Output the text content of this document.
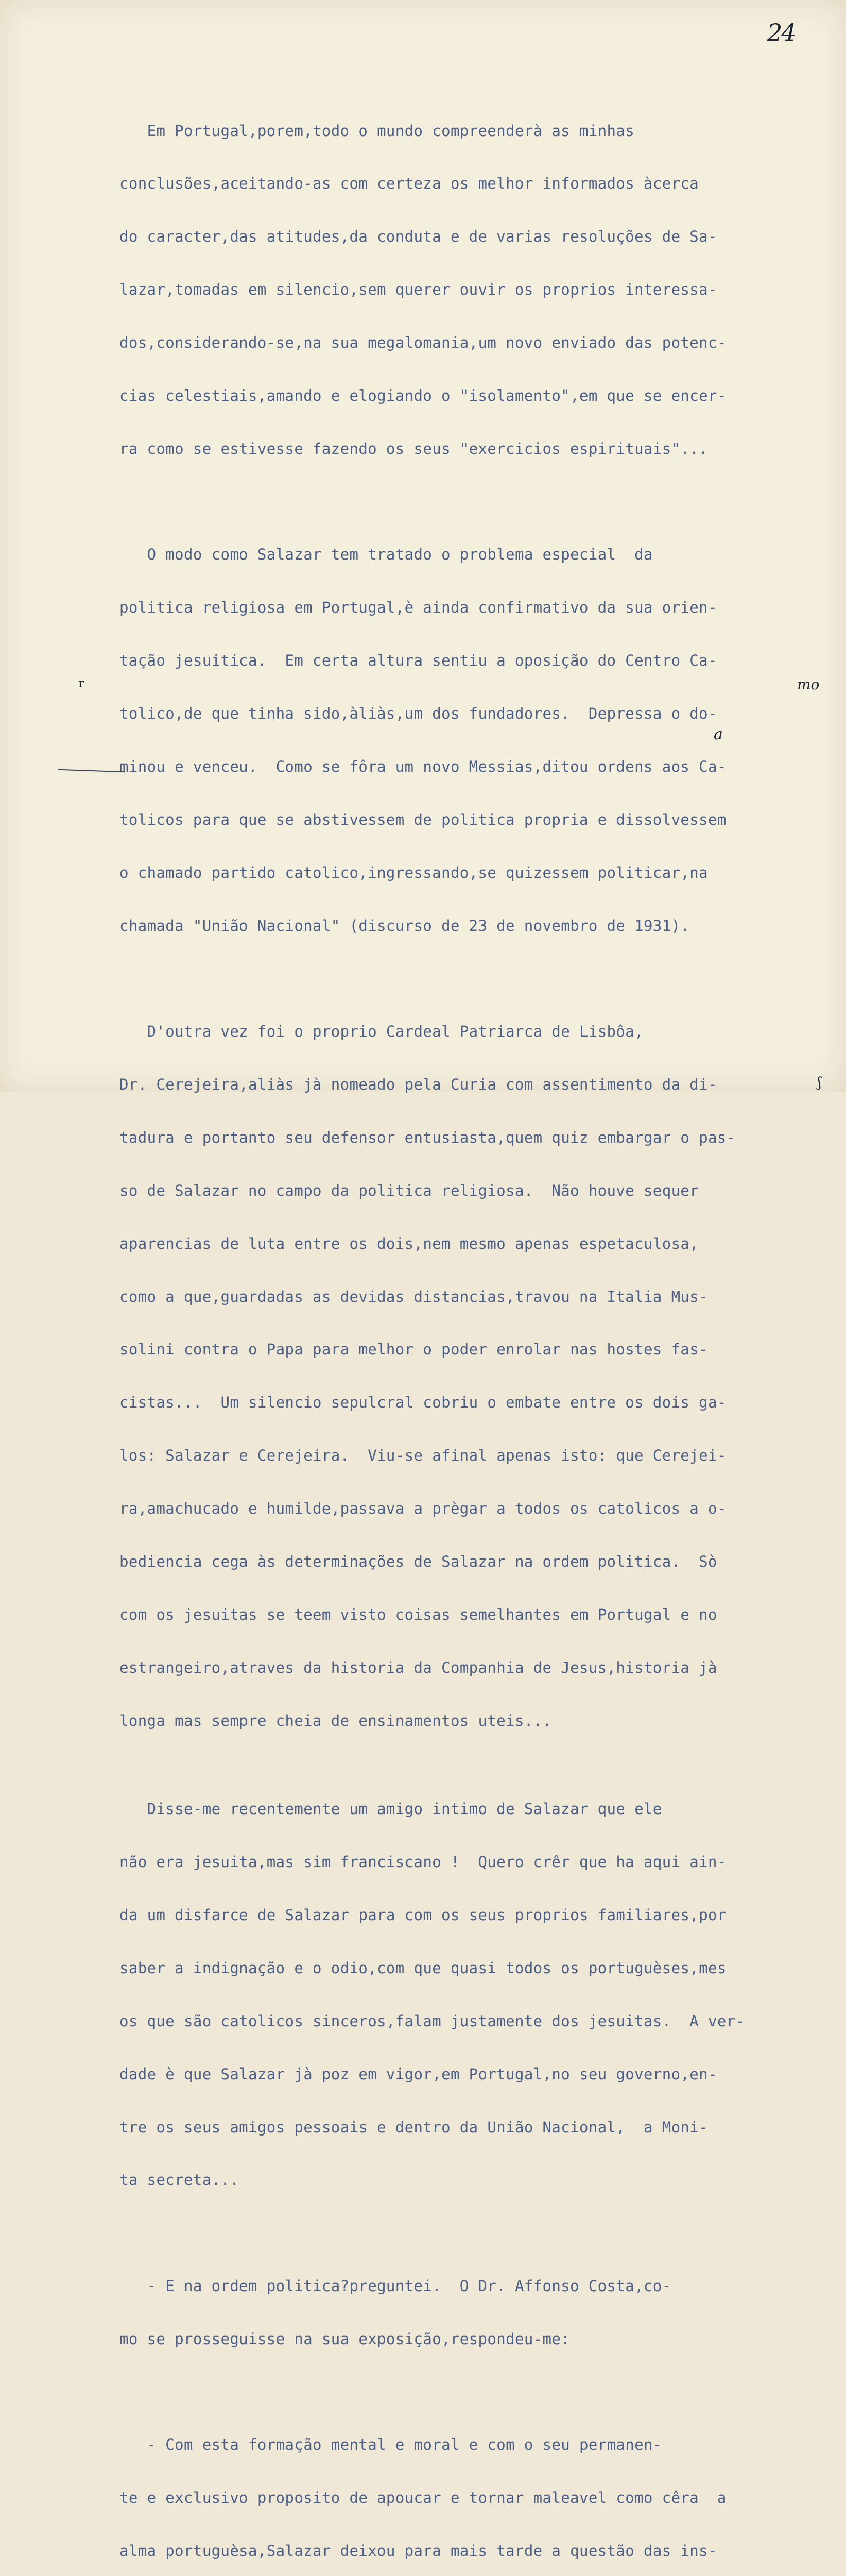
24

Em Portugal,porem,todo o mundo compreenderà as minhas

conclusões,aceitando-as com certeza os melhor informados àcerca

do caracter,das atitudes,da conduta e de varias resoluções de Sa-

lazar,tomadas em silencio,sem querer ouvir os proprios interessa-

dos,considerando-se,na sua megalomania,um novo enviado das potenc-

cias celestiais,amando e elogiando o "isolamento",em que se encer-

ra como se estivesse fazendo os seus "exercicios espirituais"...

O modo como Salazar tem tratado o problema especial  da

politica religiosa em Portugal,è ainda confirmativo da sua orien-

tação jesuitica.  Em certa altura sentiu a oposição do Centro Ca-

tolico,de que tinha sido,àliàs,um dos fundadores.  Depressa o do-

minou e venceu.  Como se fôra um novo Messias,ditou ordens aos Ca-

tolicos para que se abstivessem de politica propria e dissolvessem

o chamado partido catolico,ingressando,se quizessem politicar,na

chamada "União Nacional" (discurso de 23 de novembro de 1931).

D'outra vez foi o proprio Cardeal Patriarca de Lisbôa,

Dr. Cerejeira,aliàs jà nomeado pela Curia com assentimento da di-

tadura e portanto seu defensor entusiasta,quem quiz embargar o pas-

so de Salazar no campo da politica religiosa.  Não houve sequer

aparencias de luta entre os dois,nem mesmo apenas espetaculosa,

como a que,guardadas as devidas distancias,travou na Italia Mus-

solini contra o Papa para melhor o poder enrolar nas hostes fas-

cistas...  Um silencio sepulcral cobriu o embate entre os dois ga-

los: Salazar e Cerejeira.  Viu-se afinal apenas isto: que Cerejei-

ra,amachucado e humilde,passava a prègar a todos os catolicos a o-

bediencia cega às determinações de Salazar na ordem politica.  Sò

com os jesuitas se teem visto coisas semelhantes em Portugal e no

estrangeiro,atraves da historia da Companhia de Jesus,historia jà

longa mas sempre cheia de ensinamentos uteis...

Disse-me recentemente um amigo intimo de Salazar que ele

não era jesuita,mas sim franciscano !  Quero crêr que ha aqui ain-

da um disfarce de Salazar para com os seus proprios familiares,por

saber a indignação e o odio,com que quasi todos os portuguèses,mes

os que são catolicos sinceros,falam justamente dos jesuitas.  A ver-

dade è que Salazar jà poz em vigor,em Portugal,no seu governo,en-

tre os seus amigos pessoais e dentro da União Nacional,  a Moni-

ta secreta...

- E na ordem politica?preguntei.  O Dr. Affonso Costa,co-

mo se prosseguisse na sua exposição,respondeu-me:

- Com esta formação mental e moral e com o seu permanen-

te e exclusivo proposito de apoucar e tornar maleavel como cêra  a

alma portuguèsa,Salazar deixou para mais tarde a questão das ins-

r	mo
a
ʃ
